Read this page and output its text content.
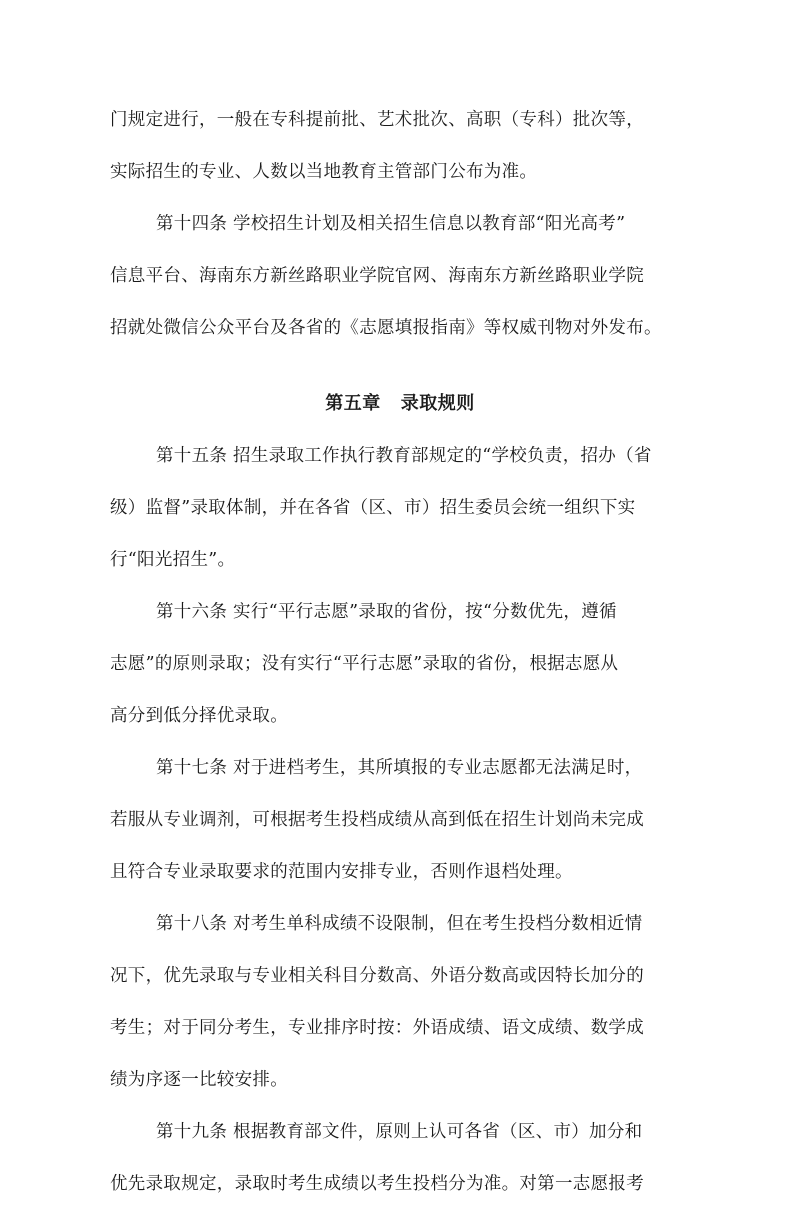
门规定进行，一般在专科提前批、艺术批次、高职（专科）批次等，
实际招生的专业、人数以当地教育主管部门公布为准。
第十四条 学校招生计划及相关招生信息以教育部“阳光高考”
信息平台、海南东方新丝路职业学院官网、海南东方新丝路职业学院
招就处微信公众平台及各省的《志愿填报指南》等权威刊物对外发布。
第五章 录取规则
第十五条 招生录取工作执行教育部规定的“学校负责，招办（省
级）监督”录取体制，并在各省（区、市）招生委员会统一组织下实
行“阳光招生”。
第十六条 实行“平行志愿”录取的省份，按“分数优先，遵循
志愿”的原则录取；没有实行“平行志愿”录取的省份，根据志愿从
高分到低分择优录取。
第十七条 对于进档考生，其所填报的专业志愿都无法满足时，
若服从专业调剂，可根据考生投档成绩从高到低在招生计划尚未完成
且符合专业录取要求的范围内安排专业，否则作退档处理。
第十八条 对考生单科成绩不设限制，但在考生投档分数相近情
况下，优先录取与专业相关科目分数高、外语分数高或因特长加分的
考生；对于同分考生，专业排序时按：外语成绩、语文成绩、数学成
绩为序逐一比较安排。
第十九条 根据教育部文件，原则上认可各省（区、市）加分和
优先录取规定，录取时考生成绩以考生投档分为准。对第一志愿报考
